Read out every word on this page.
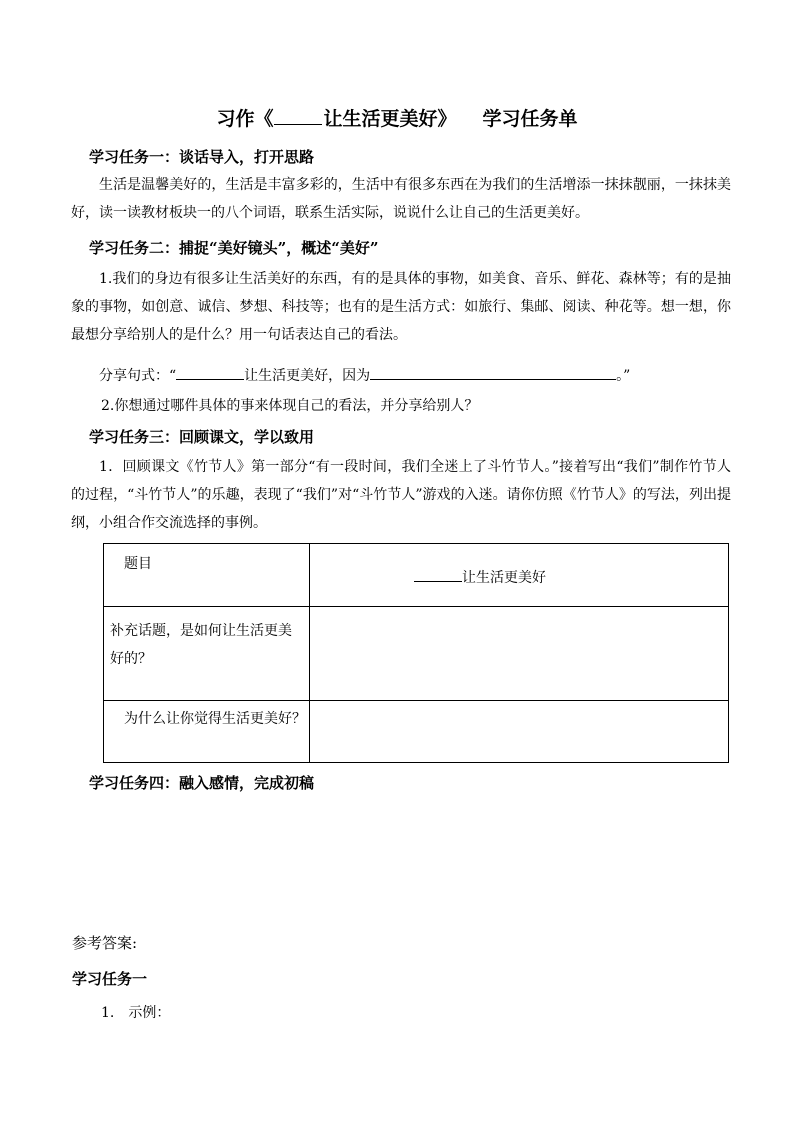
习作《	让生活更美好》 学习任务单
学习任务一：谈话导入，打开思路
生活是温馨美好的，生活是丰富多彩的，生活中有很多东西在为我们的生活增添一抹抹靓丽，一抹抹美好，读一读教材板块一的八个词语，联系生活实际，说说什么让自己的生活更美好。
学习任务二：捕捉“美好镜头”，概述“美好”
1.我们的身边有很多让生活美好的东西，有的是具体的事物，如美食、音乐、鲜花、森林等；有的是抽象的事物，如创意、诚信、梦想、科技等；也有的是生活方式：如旅行、集邮、阅读、种花等。想一想，你最想分享给别人的是什么？用一句话表达自己的看法。
分享句式：“	让生活更美好，因为	。”
2.你想通过哪件具体的事来体现自己的看法，并分享给别人？
学习任务三：回顾课文，学以致用
1．回顾课文《竹节人》第一部分“有一段时间，我们全迷上了斗竹节人。”接着写出“我们”制作竹节人的过程，“斗竹节人”的乐趣，表现了“我们”对“斗竹节人”游戏的入迷。请你仿照《竹节人》的写法，列出提纲，小组合作交流选择的事例。
题目	让生活更美好

补充话题，是如何让生活更美好的？	

为什么让你觉得生活更美好？	

学习任务四：融入感情，完成初稿
参考答案:
学习任务一
1.　示例：
